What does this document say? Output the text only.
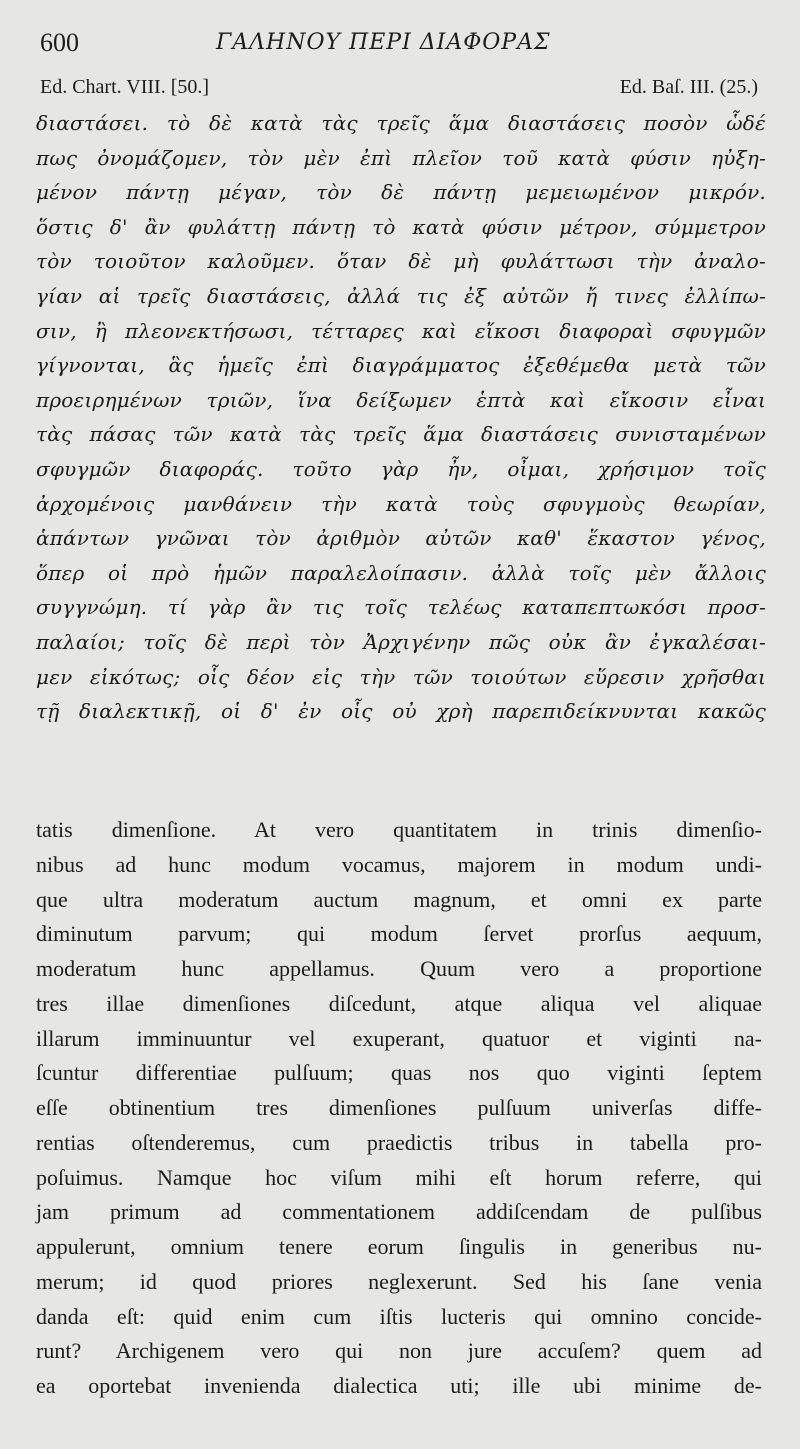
600	ΓΑΛΗΝΟΥ ΠΕΡΙ ΔΙΑΦΟΡΑΣ
Ed. Chart. VIII. [50.]	Ed. Baſ. III. (25.)
διαστάσει. τὸ δὲ κατὰ τὰς τρεῖς ἅμα διαστάσεις ποσὸν ὧδέ
πως ὀνομάζομεν, τὸν μὲν ἐπὶ πλεῖον τοῦ κατὰ φύσιν ηὐξη-
μένον πάντῃ μέγαν, τὸν δὲ πάντῃ μεμειωμένον μικρόν.
ὅστις δ' ἂν φυλάττῃ πάντῃ τὸ κατὰ φύσιν μέτρον, σύμμετρον
τὸν τοιοῦτον καλοῦμεν. ὅταν δὲ μὴ φυλάττωσι τὴν ἀναλο-
γίαν αἱ τρεῖς διαστάσεις, ἀλλά τις ἐξ αὐτῶν ἤ τινες ἐλλίπω-
σιν, ἢ πλεονεκτήσωσι, τέτταρες καὶ εἴκοσι διαφοραὶ σφυγμῶν
γίγνονται, ἃς ἡμεῖς ἐπὶ διαγράμματος ἐξεθέμεθα μετὰ τῶν
προειρημένων τριῶν, ἵνα δείξωμεν ἑπτὰ καὶ εἴκοσιν εἶναι
τὰς πάσας τῶν κατὰ τὰς τρεῖς ἅμα διαστάσεις συνισταμένων
σφυγμῶν διαφοράς. τοῦτο γὰρ ἦν, οἶμαι, χρήσιμον τοῖς
ἀρχομένοις μανθάνειν τὴν κατὰ τοὺς σφυγμοὺς θεωρίαν,
ἁπάντων γνῶναι τὸν ἀριθμὸν αὐτῶν καθ' ἕκαστον γένος,
ὅπερ οἱ πρὸ ἡμῶν παραλελοίπασιν. ἀλλὰ τοῖς μὲν ἄλλοις
συγγνώμη. τί γὰρ ἂν τις τοῖς τελέως καταπεπτωκόσι προσ-
παλαίοι; τοῖς δὲ περὶ τὸν Ἀρχιγένην πῶς οὐκ ἂν ἐγκαλέσαι-
μεν εἰκότως; οἷς δέον εἰς τὴν τῶν τοιούτων εὕρεσιν χρῆσθαι
τῇ διαλεκτικῇ, οἱ δ' ἐν οἷς οὐ χρὴ παρεπιδείκνυνται κακῶς
tatis dimenſione. At vero quantitatem in trinis dimenſio-
nibus ad hunc modum vocamus, majorem in modum undi-
que ultra moderatum auctum magnum, et omni ex parte
diminutum parvum; qui modum ſervet prorſus aequum,
moderatum hunc appellamus. Quum vero a proportione
tres illae dimenſiones diſcedunt, atque aliqua vel aliquae
illarum imminuuntur vel exuperant, quatuor et viginti na-
ſcuntur differentiae pulſuum; quas nos quo viginti ſeptem
eſſe obtinentium tres dimenſiones pulſuum univerſas diffe-
rentias oſtenderemus, cum praedictis tribus in tabella pro-
poſuimus. Namque hoc viſum mihi eſt horum referre, qui
jam primum ad commentationem addiſcendam de pulſibus
appulerunt, omnium tenere eorum ſingulis in generibus nu-
merum; id quod priores neglexerunt. Sed his ſane venia
danda eſt: quid enim cum iſtis lucteris qui omnino concide-
runt? Archigenem vero qui non jure accuſem? quem ad
ea oportebat invenienda dialectica uti; ille ubi minime de-
